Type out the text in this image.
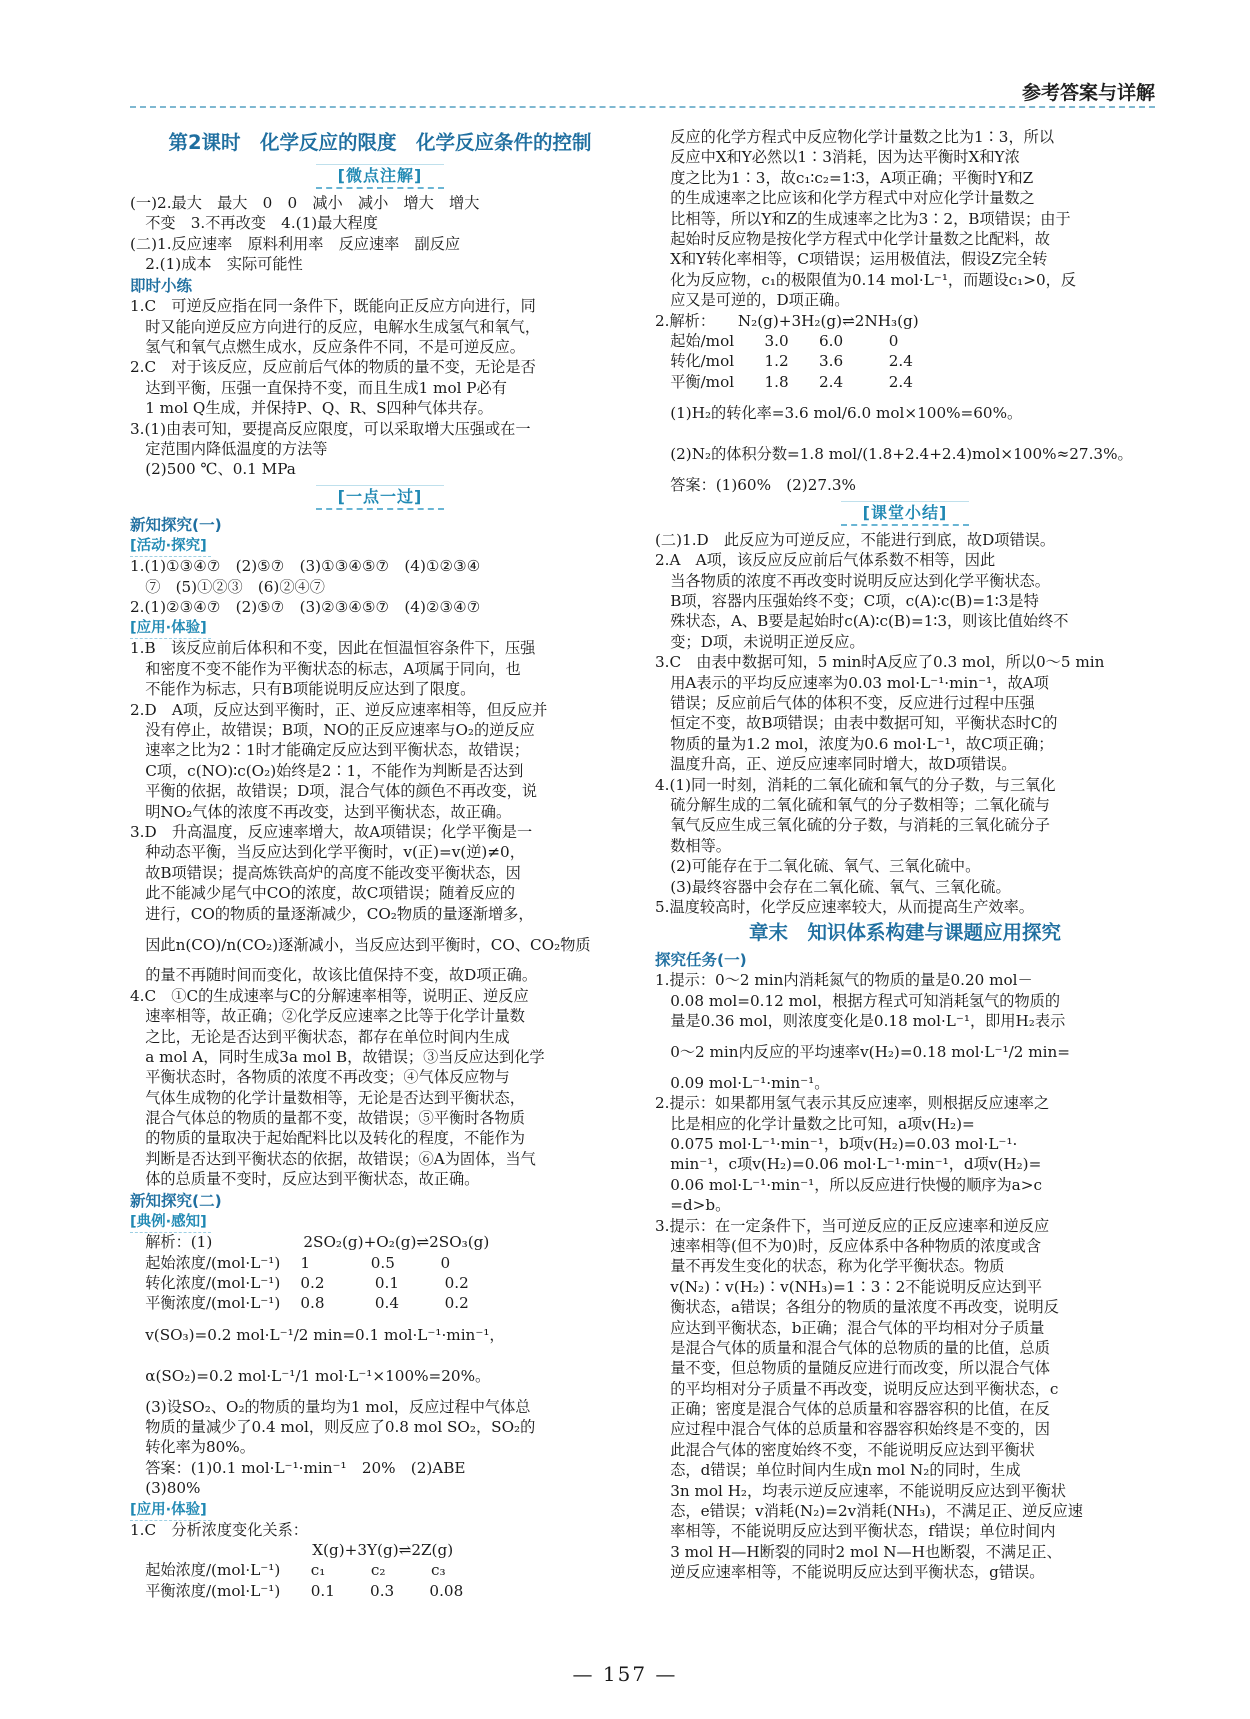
参考答案与详解
第2课时　化学反应的限度　化学反应条件的控制
[微点注解]
(一)2.最大　最大　0　0　减小　减小　增大　增大
　不变　3.不再改变　4.(1)最大程度
(二)1.反应速率　原料利用率　反应速率　副反应
　2.(1)成本　实际可能性
即时小练
1.C　可逆反应指在同一条件下，既能向正反应方向进行，同
　时又能向逆反应方向进行的反应，电解水生成氢气和氧气，
　氢气和氧气点燃生成水，反应条件不同，不是可逆反应。
2.C　对于该反应，反应前后气体的物质的量不变，无论是否
　达到平衡，压强一直保持不变，而且生成1 mol P必有
　1 mol Q生成，并保持P、Q、R、S四种气体共存。
3.(1)由表可知，要提高反应限度，可以采取增大压强或在一
　定范围内降低温度的方法等
　(2)500 ℃、0.1 MPa
[一点一过]
新知探究(一)
[活动·探究]
1.(1)①③④⑦　(2)⑤⑦　(3)①③④⑤⑦　(4)①②③④
　⑦　(5)①②③　(6)②④⑦
2.(1)②③④⑦　(2)⑤⑦　(3)②③④⑤⑦　(4)②③④⑦
[应用·体验]
1.B　该反应前后体积和不变，因此在恒温恒容条件下，压强
　和密度不变不能作为平衡状态的标志，A项属于同向，也
　不能作为标志，只有B项能说明反应达到了限度。
2.D　A项，反应达到平衡时，正、逆反应速率相等，但反应并
　没有停止，故错误；B项，NO的正反应速率与O₂的逆反应
　速率之比为2∶1时才能确定反应达到平衡状态，故错误；
　C项，c(NO)∶c(O₂)始终是2∶1，不能作为判断是否达到
　平衡的依据，故错误；D项，混合气体的颜色不再改变，说
　明NO₂气体的浓度不再改变，达到平衡状态，故正确。
3.D　升高温度，反应速率增大，故A项错误；化学平衡是一
　种动态平衡，当反应达到化学平衡时，v(正)=v(逆)≠0，
　故B项错误；提高炼铁高炉的高度不能改变平衡状态，因
　此不能减少尾气中CO的浓度，故C项错误；随着反应的
　进行，CO的物质的量逐渐减少，CO₂物质的量逐渐增多，
　因此n(CO)/n(CO₂)逐渐减小，当反应达到平衡时，CO、CO₂物质
　的量不再随时间而变化，故该比值保持不变，故D项正确。
4.C　①C的生成速率与C的分解速率相等，说明正、逆反应
　速率相等，故正确；②化学反应速率之比等于化学计量数
　之比，无论是否达到平衡状态，都存在单位时间内生成
　a mol A，同时生成3a mol B，故错误；③当反应达到化学
　平衡状态时，各物质的浓度不再改变；④气体反应物与
　气体生成物的化学计量数相等，无论是否达到平衡状态，
　混合气体总的物质的量都不变，故错误；⑤平衡时各物质
　的物质的量取决于起始配料比以及转化的程度，不能作为
　判断是否达到平衡状态的依据，故错误；⑥A为固体，当气
　体的总质量不变时，反应达到平衡状态，故正确。
新知探究(二)
[典例·感知]
　解析：(1)　　　　　　2SO₂(g)+O₂(g)⇌2SO₃(g)
　起始浓度/(mol·L⁻¹)　 1　　　　0.5　　　0
　转化浓度/(mol·L⁻¹)　 0.2　　　 0.1　　　0.2
　平衡浓度/(mol·L⁻¹)　 0.8　　　 0.4　　　0.2
　v(SO₃)=0.2 mol·L⁻¹/2 min=0.1 mol·L⁻¹·min⁻¹，
　α(SO₂)=0.2 mol·L⁻¹/1 mol·L⁻¹×100%=20%。
　(3)设SO₂、O₂的物质的量均为1 mol，反应过程中气体总
　物质的量减少了0.4 mol，则反应了0.8 mol SO₂，SO₂的
　转化率为80%。
　答案：(1)0.1 mol·L⁻¹·min⁻¹　20%　(2)ABE
　(3)80%
[应用·体验]
1.C　分析浓度变化关系：
　　　　　　　　　　　　X(g)+3Y(g)⇌2Z(g)
　起始浓度/(mol·L⁻¹)　　c₁　　　c₂　　　c₃
　平衡浓度/(mol·L⁻¹)　　0.1　　 0.3　　 0.08
　反应的化学方程式中反应物化学计量数之比为1∶3，所以
　反应中X和Y必然以1∶3消耗，因为达平衡时X和Y浓
　度之比为1∶3，故c₁∶c₂=1∶3，A项正确；平衡时Y和Z
　的生成速率之比应该和化学方程式中对应化学计量数之
　比相等，所以Y和Z的生成速率之比为3∶2，B项错误；由于
　起始时反应物是按化学方程式中化学计量数之比配料，故
　X和Y转化率相等，C项错误；运用极值法，假设Z完全转
　化为反应物，c₁的极限值为0.14 mol·L⁻¹，而题设c₁>0，反
　应又是可逆的，D项正确。
2.解析：　　N₂(g)+3H₂(g)⇌2NH₃(g)
　起始/mol　　3.0　　6.0　　　0
　转化/mol　　1.2　　3.6　　　2.4
　平衡/mol　　1.8　　2.4　　　2.4
　(1)H₂的转化率=3.6 mol/6.0 mol×100%=60%。
　(2)N₂的体积分数=1.8 mol/(1.8+2.4+2.4)mol×100%≈27.3%。
　答案：(1)60%　(2)27.3%
[课堂小结]
(二)1.D　此反应为可逆反应，不能进行到底，故D项错误。
2.A　A项，该反应反应前后气体系数不相等，因此
　当各物质的浓度不再改变时说明反应达到化学平衡状态。
　B项，容器内压强始终不变；C项，c(A)∶c(B)=1∶3是特
　殊状态，A、B要是起始时c(A)∶c(B)=1∶3，则该比值始终不
　变；D项，未说明正逆反应。
3.C　由表中数据可知，5 min时A反应了0.3 mol，所以0～5 min
　用A表示的平均反应速率为0.03 mol·L⁻¹·min⁻¹，故A项
　错误；反应前后气体的体积不变，反应进行过程中压强
　恒定不变，故B项错误；由表中数据可知，平衡状态时C的
　物质的量为1.2 mol，浓度为0.6 mol·L⁻¹，故C项正确；
　温度升高，正、逆反应速率同时增大，故D项错误。
4.(1)同一时刻，消耗的二氧化硫和氧气的分子数，与三氧化
　硫分解生成的二氧化硫和氧气的分子数相等；二氧化硫与
　氧气反应生成三氧化硫的分子数，与消耗的三氧化硫分子
　数相等。
　(2)可能存在于二氧化硫、氧气、三氧化硫中。
　(3)最终容器中会存在二氧化硫、氧气、三氧化硫。
5.温度较高时，化学反应速率较大，从而提高生产效率。
章末　知识体系构建与课题应用探究
探究任务(一)
1.提示：0～2 min内消耗氮气的物质的量是0.20 mol－
　0.08 mol=0.12 mol，根据方程式可知消耗氢气的物质的
　量是0.36 mol，则浓度变化是0.18 mol·L⁻¹，即用H₂表示
　0～2 min内反应的平均速率v(H₂)=0.18 mol·L⁻¹/2 min=
　0.09 mol·L⁻¹·min⁻¹。
2.提示：如果都用氢气表示其反应速率，则根据反应速率之
　比是相应的化学计量数之比可知，a项v(H₂)=
　0.075 mol·L⁻¹·min⁻¹，b项v(H₂)=0.03 mol·L⁻¹·
　min⁻¹，c项v(H₂)=0.06 mol·L⁻¹·min⁻¹，d项v(H₂)=
　0.06 mol·L⁻¹·min⁻¹，所以反应进行快慢的顺序为a>c
　=d>b。
3.提示：在一定条件下，当可逆反应的正反应速率和逆反应
　速率相等(但不为0)时，反应体系中各种物质的浓度或含
　量不再发生变化的状态，称为化学平衡状态。物质
　v(N₂)∶v(H₂)∶v(NH₃)=1∶3∶2不能说明反应达到平
　衡状态，a错误；各组分的物质的量浓度不再改变，说明反
　应达到平衡状态，b正确；混合气体的平均相对分子质量
　是混合气体的质量和混合气体的总物质的量的比值，总质
　量不变，但总物质的量随反应进行而改变，所以混合气体
　的平均相对分子质量不再改变，说明反应达到平衡状态，c
　正确；密度是混合气体的总质量和容器容积的比值，在反
　应过程中混合气体的总质量和容器容积始终是不变的，因
　此混合气体的密度始终不变，不能说明反应达到平衡状
　态，d错误；单位时间内生成n mol N₂的同时，生成
　3n mol H₂，均表示逆反应速率，不能说明反应达到平衡状
　态，e错误；v消耗(N₂)=2v消耗(NH₃)，不满足正、逆反应速
　率相等，不能说明反应达到平衡状态，f错误；单位时间内
　3 mol H—H断裂的同时2 mol N—H也断裂，不满足正、
　逆反应速率相等，不能说明反应达到平衡状态，g错误。
— 157 —
